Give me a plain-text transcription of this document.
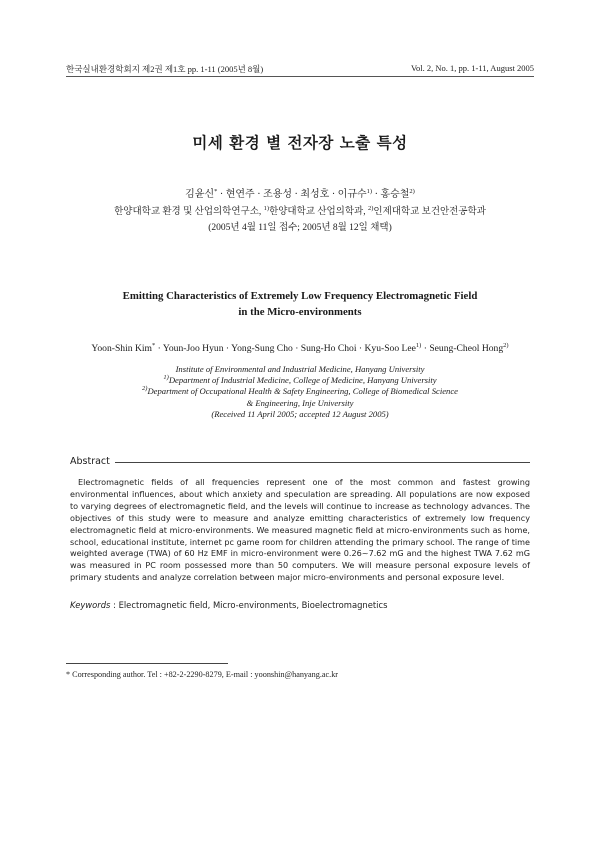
한국실내환경학회지 제2권 제1호 pp. 1-11 (2005년 8월)	Vol. 2, No. 1, pp. 1-11, August 2005
미세 환경 별 전자장 노출 특성
김윤신* · 현연주 · 조용성 · 최성호 · 이규수$^{1)}$ · 홍승철$^{2)}$
한양대학교 환경 및 산업의학연구소, $^{1)}$한양대학교 산업의학과, $^{2)}$인제대학교 보건안전공학과
(2005년 4월 11일 접수; 2005년 8월 12일 채택)
Emitting Characteristics of Extremely Low Frequency Electromagnetic Field
in the Micro-environments
Yoon-Shin Kim* · Youn-Joo Hyun · Yong-Sung Cho · Sung-Ho Choi · Kyu-Soo Lee$^{1)}$ · Seung-Cheol Hong$^{2)}$
Institute of Environmental and Industrial Medicine, Hanyang University
$^{1)}$Department of Industrial Medicine, College of Medicine, Hanyang University
$^{2)}$Department of Occupational Health & Safety Engineering, College of Biomedical Science
& Engineering, Inje University
(Received 11 April 2005; accepted 12 August 2005)
Abstract
Electromagnetic fields of all frequencies represent one of the most common and fastest growing environmental influences, about which anxiety and speculation are spreading. All populations are now exposed to varying degrees of electromagnetic field, and the levels will continue to increase as technology advances. The objectives of this study were to measure and analyze emitting characteristics of extremely low frequency electromagnetic field at micro-environments. We measured magnetic field at micro-environments such as home, school, educational institute, internet pc game room for children attending the primary school. The range of time weighted average (TWA) of 60 Hz EMF in micro-environment were 0.26~7.62 mG and the highest TWA 7.62 mG was measured in PC room possessed more than 50 computers. We will measure personal exposure levels of primary students and analyze correlation between major micro-environments and personal exposure level.
Keywords : Electromagnetic field, Micro-environments, Bioelectromagnetics
* Corresponding author. Tel : +82-2-2290-8279, E-mail : yoonshin@hanyang.ac.kr
